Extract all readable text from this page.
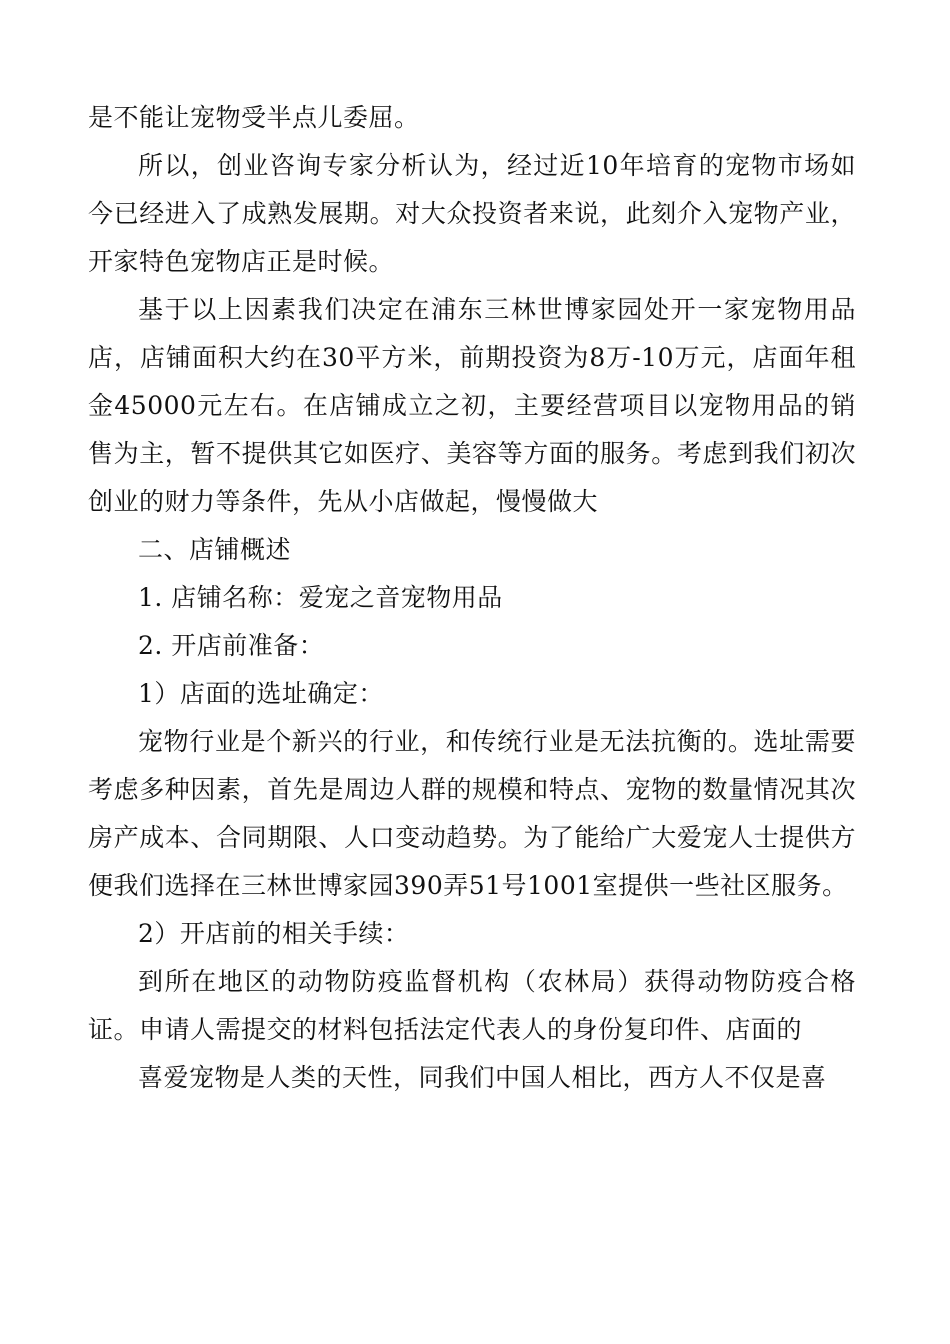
是不能让宠物受半点儿委屈。

所以，创业咨询专家分析认为，经过近10年培育的宠物市场如今已经进入了成熟发展期。对大众投资者来说，此刻介入宠物产业，开家特色宠物店正是时候。

基于以上因素我们决定在浦东三林世博家园处开一家宠物用品店，店铺面积大约在30平方米，前期投资为8万-10万元，店面年租金45000元左右。在店铺成立之初，主要经营项目以宠物用品的销售为主，暂不提供其它如医疗、美容等方面的服务。考虑到我们初次创业的财力等条件，先从小店做起，慢慢做大

二、店铺概述

1. 店铺名称：爱宠之音宠物用品

2. 开店前准备：

1）店面的选址确定：

宠物行业是个新兴的行业，和传统行业是无法抗衡的。选址需要考虑多种因素，首先是周边人群的规模和特点、宠物的数量情况其次房产成本、合同期限、人口变动趋势。为了能给广大爱宠人士提供方便我们选择在三林世博家园390弄51号1001室提供一些社区服务。

2）开店前的相关手续：

到所在地区的动物防疫监督机构（农林局）获得动物防疫合格证。申请人需提交的材料包括法定代表人的身份复印件、店面的

喜爱宠物是人类的天性，同我们中国人相比，西方人不仅是喜
